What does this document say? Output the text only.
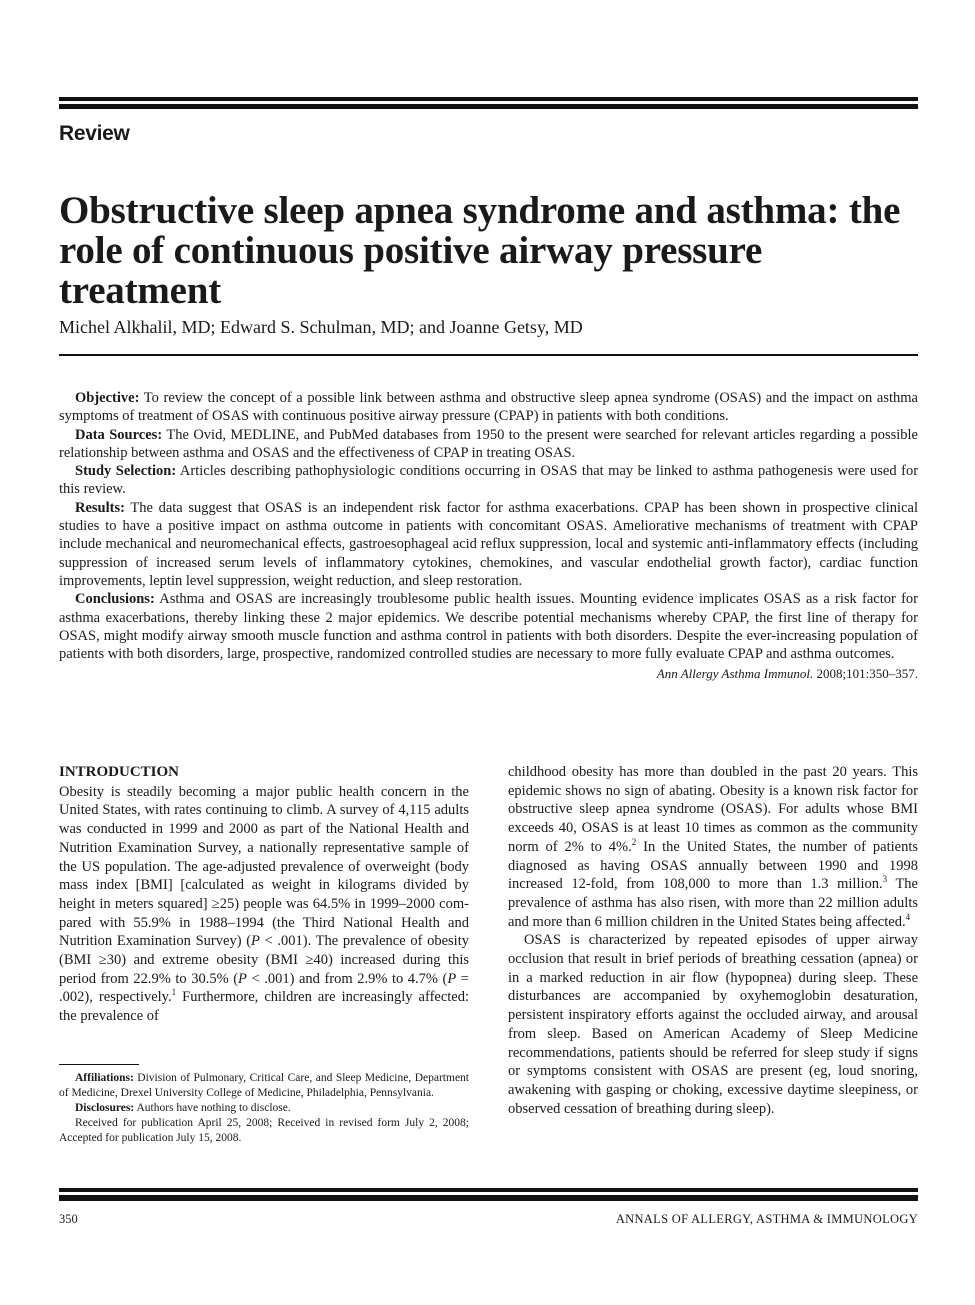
Review
Obstructive sleep apnea syndrome and asthma: the role of continuous positive airway pressure treatment
Michel Alkhalil, MD; Edward S. Schulman, MD; and Joanne Getsy, MD

Objective: To review the concept of a possible link between asthma and obstructive sleep apnea syndrome (OSAS) and the impact on asthma symptoms of treatment of OSAS with continuous positive airway pressure (CPAP) in patients with both conditions.

Data Sources: The Ovid, MEDLINE, and PubMed databases from 1950 to the present were searched for relevant articles regarding a possible relationship between asthma and OSAS and the effectiveness of CPAP in treating OSAS.

Study Selection: Articles describing pathophysiologic conditions occurring in OSAS that may be linked to asthma pathogenesis were used for this review.

Results: The data suggest that OSAS is an independent risk factor for asthma exacerbations. CPAP has been shown in prospective clinical studies to have a positive impact on asthma outcome in patients with concomitant OSAS. Ameliorative mechanisms of treatment with CPAP include mechanical and neuromechanical effects, gastroesophageal acid reflux suppression, local and systemic anti-inflammatory effects (including suppression of increased serum levels of inflammatory cytokines, chemokines, and vascular endothelial growth factor), cardiac function improvements, leptin level suppression, weight reduction, and sleep restoration.

Conclusions: Asthma and OSAS are increasingly troublesome public health issues. Mounting evidence implicates OSAS as a risk factor for asthma exacerbations, thereby linking these 2 major epidemics. We describe potential mechanisms whereby CPAP, the first line of therapy for OSAS, might modify airway smooth muscle function and asthma control in patients with both disorders. Despite the ever-increasing population of patients with both disorders, large, prospective, randomized controlled studies are necessary to more fully evaluate CPAP and asthma outcomes.

Ann Allergy Asthma Immunol. 2008;101:350–357.
INTRODUCTION

Obesity is steadily becoming a major public health concern in the United States, with rates continuing to climb. A survey of 4,115 adults was conducted in 1999 and 2000 as part of the National Health and Nutrition Examination Survey, a nationally representative sample of the US population. The age-adjusted prevalence of overweight (body mass index [BMI] [calculated as weight in kilograms divided by height in meters squared] ≥25) people was 64.5% in 1999–2000 compared with 55.9% in 1988–1994 (the Third National Health and Nutrition Examination Survey) (P < .001). The prevalence of obesity (BMI ≥30) and extreme obesity (BMI ≥40) increased during this period from 22.9% to 30.5% (P < .001) and from 2.9% to 4.7% (P = .002), respectively.$^1$ Furthermore, children are increasingly affected: the prevalence of

childhood obesity has more than doubled in the past 20 years. This epidemic shows no sign of abating. Obesity is a known risk factor for obstructive sleep apnea syndrome (OSAS). For adults whose BMI exceeds 40, OSAS is at least 10 times as common as the community norm of 2% to 4%.$^2$ In the United States, the number of patients diagnosed as having OSAS annually between 1990 and 1998 increased 12-fold, from 108,000 to more than 1.3 million.$^3$ The prevalence of asthma has also risen, with more than 22 million adults and more than 6 million children in the United States being affected.$^4$

OSAS is characterized by repeated episodes of upper airway occlusion that result in brief periods of breathing cessation (apnea) or in a marked reduction in air flow (hypopnea) during sleep. These disturbances are accompanied by oxyhemoglobin desaturation, persistent inspiratory efforts against the occluded airway, and arousal from sleep. Based on American Academy of Sleep Medicine recommendations, patients should be referred for sleep study if signs or symptoms consistent with OSAS are present (eg, loud snoring, awakening with gasping or choking, excessive daytime sleepiness, or observed cessation of breathing during sleep).

Affiliations: Division of Pulmonary, Critical Care, and Sleep Medicine, Department of Medicine, Drexel University College of Medicine, Philadelphia, Pennsylvania.

Disclosures: Authors have nothing to disclose.

Received for publication April 25, 2008; Received in revised form July 2, 2008; Accepted for publication July 15, 2008.

350	ANNALS OF ALLERGY, ASTHMA & IMMUNOLOGY
